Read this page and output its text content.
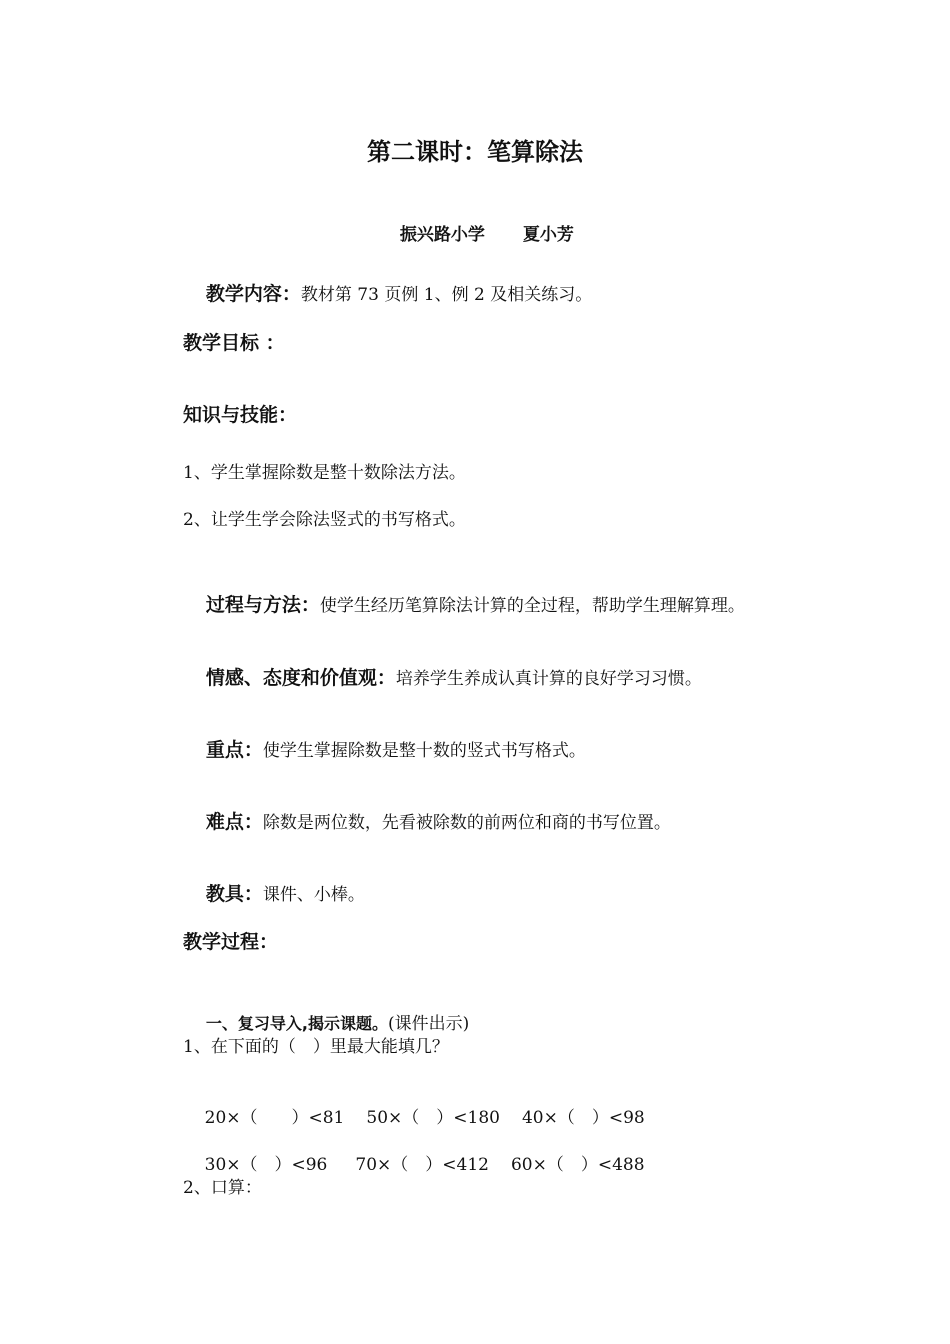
第二课时：笔算除法

振兴路小学 夏小芳

教学内容：教材第 73 页例 1、例 2 及相关练习。

教学目标 ：
知识与技能：
1、学生掌握除数是整十数除法方法。
2、让学生学会除法竖式的书写格式。

过程与方法：使学生经历笔算除法计算的全过程，帮助学生理解算理。

情感、态度和价值观：培养学生养成认真计算的良好学习习惯。

重点：使学生掌握除数是整十数的竖式书写格式。

难点：除数是两位数，先看被除数的前两位和商的书写位置。

教具：课件、小棒。

教学过程：

一、复习导入,揭示课题。(课件出示)

1、在下面的（　）里最大能填几？

20×（　　）<81 50×（　）<180 40×（　）<98

30×（　）<96 70×（　）<412 60×（　）<488

2、口算：
